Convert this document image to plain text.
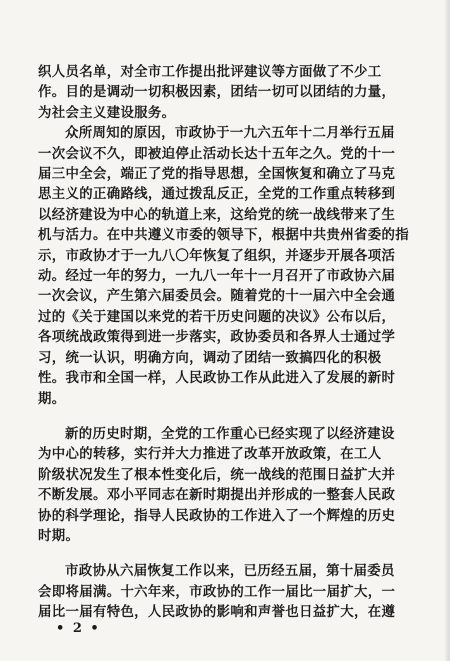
织人员名单，对全市工作提出批评建议等方面做了不少工
作。目的是调动一切积极因素，团结一切可以团结的力量，
为社会主义建设服务。
众所周知的原因，市政协于一九六五年十二月举行五届
一次会议不久，即被迫停止活动长达十五年之久。党的十一
届三中全会，端正了党的指导思想，全国恢复和确立了马克
思主义的正确路线，通过拨乱反正，全党的工作重点转移到
以经济建设为中心的轨道上来，这给党的统一战线带来了生
机与活力。在中共遵义市委的领导下，根据中共贵州省委的指
示，市政协才于一九八〇年恢复了组织，并逐步开展各项活
动。经过一年的努力，一九八一年十一月召开了市政协六届
一次会议，产生第六届委员会。随着党的十一届六中全会通
过的《关于建国以来党的若干历史问题的决议》公布以后，
各项统战政策得到进一步落实，政协委员和各界人士通过学
习，统一认识，明确方向，调动了团结一致搞四化的积极
性。我市和全国一样，人民政协工作从此进入了发展的新时
期。
新的历史时期，全党的工作重心已经实现了以经济建设
为中心的转移，实行并大力推进了改革开放政策，在工人
阶级状况发生了根本性变化后，统一战线的范围日益扩大并
不断发展。邓小平同志在新时期提出并形成的一整套人民政
协的科学理论，指导人民政协的工作进入了一个辉煌的历史
时期。
市政协从六届恢复工作以来，已历经五届，第十届委员
会即将届满。十六年来，市政协的工作一届比一届扩大，一
届比一届有特色，人民政协的影响和声誉也日益扩大，在遵
• 2 •
